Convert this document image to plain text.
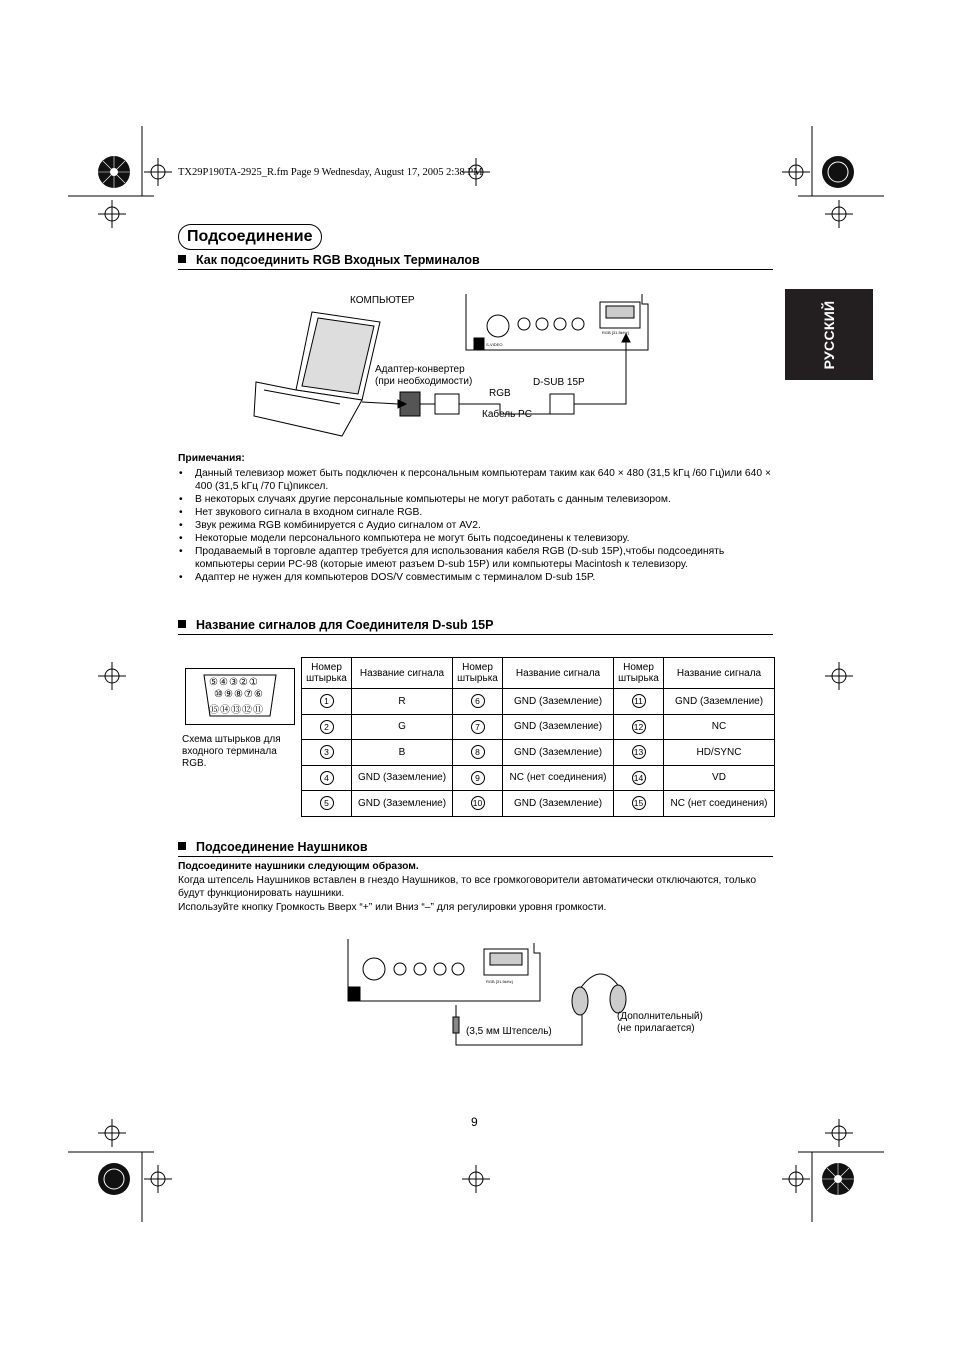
TX29P190TA-2925_R.fm Page 9 Wednesday, August 17, 2005 2:38 PM
Подсоединение
РУССКИЙ
Как подсоединить RGB Входных Терминалов
RGB [31.5kHz]
S-VIDEO
КОМПЬЮТЕР
Адаптер-конвертер
(при необходимости)
RGB
D-SUB 15P
Кабель PC
Примечания:
• Данный телевизор может быть подключен к персональным компьютерам таким как 640 × 480 (31,5 kГц /60 Гц)или 640 × 400 (31,5 kГц /70 Гц)пиксел.
• В некоторых случаях другие персональные компьютеры не могут работать с данным телевизором.
• Нет звукового сигнала в входном сигнале RGB.
• Звук режима RGB комбинируется с Аудио сигналом от AV2.
• Некоторые модели персонального компьютера не могут быть подсоединены к телевизору.
• Продаваемый в торговле адаптер требуется для использования кабеля RGB (D-sub 15P),чтобы подсоединять компьютеры серии PC-98 (которые имеют разъем D-sub 15P) или компьютеры Macintosh к телевизору.
• Адаптер не нужен для компьютеров DOS/V совместимым с терминалом D-sub 15P.
Название сигналов для Соединителя D-sub 15P
⑤④③②①
⑩⑨⑧⑦⑥
⑮⑭⑬⑫⑪
Схема штырьков для входного терминала RGB.
Номер штырька	Название сигнала	Номер штырька	Название сигнала	Номер штырька	Название сигнала
1	R	6	GND (Заземление)	11	GND (Заземление)
2	G	7	GND (Заземление)	12	NC
3	B	8	GND (Заземление)	13	HD/SYNC
4	GND (Заземление)	9	NC (нет соединения)	14	VD
5	GND (Заземление)	10	GND (Заземление)	15	NC (нет соединения)
Подсоединение Наушников
Подсоедините наушники следующим образом.
Когда штепсель Наушников вставлен в гнездо Наушников, то все громкоговорители автоматически отключаются, только будут функционировать наушники.
Используйте кнопку Громкость Вверх “+” или Вниз “–” для регулировки уровня громкости.
RGB [31.5kHz]
(3,5 мм Штепсель)
(Дополнительный)
(не прилагается)
9
